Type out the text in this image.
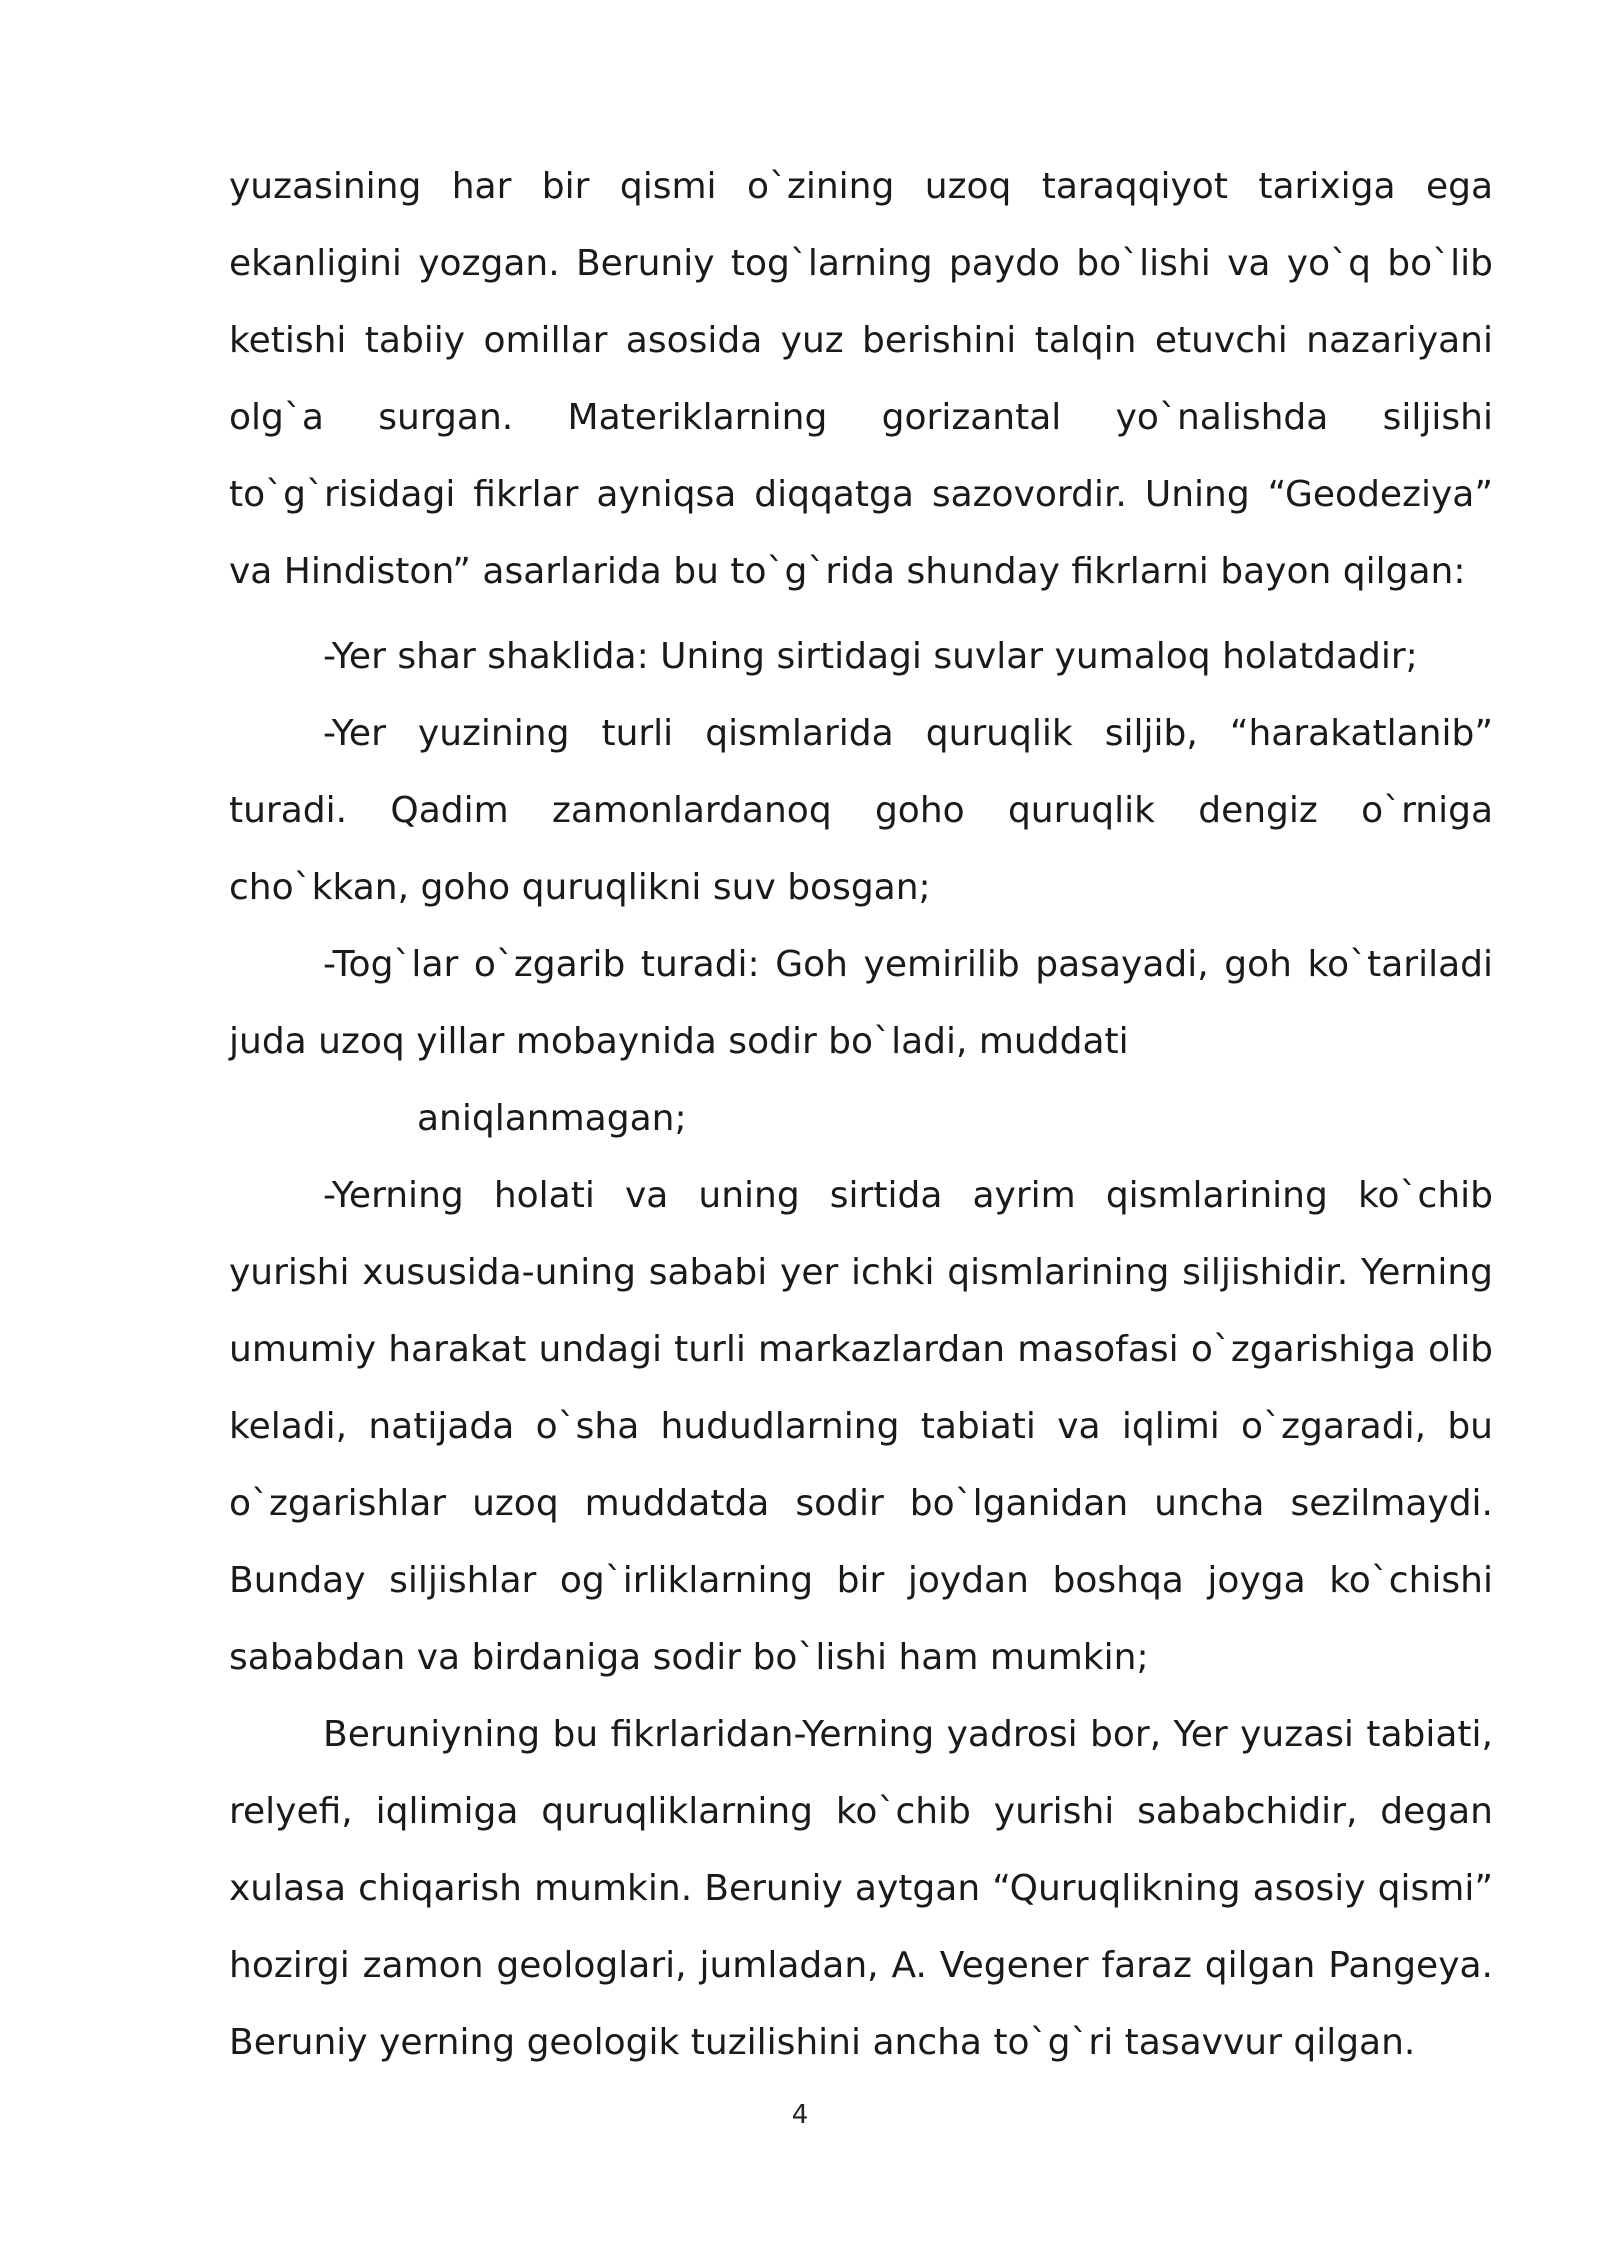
yuzasining har bir qismi o`zining uzoq taraqqiyot tarixiga ega ekanligini yozgan. Beruniy tog`larning paydo bo`lishi va yo`q bo`lib ketishi tabiiy omillar asosida yuz berishini talqin etuvchi nazariyani olg`a surgan. Materiklarning gorizantal yo`nalishda siljishi to`g`risidagi fikrlar ayniqsa diqqatga sazovordir. Uning “Geodeziya” va Hindiston” asarlarida bu to`g`rida shunday fikrlarni bayon qilgan:

-Yer shar shaklida: Uning sirtidagi suvlar yumaloq holatdadir;

-Yer yuzining turli qismlarida quruqlik siljib, “harakatlanib” turadi. Qadim zamonlardanoq goho quruqlik dengiz o`rniga cho`kkan, goho quruqlikni suv bosgan;

-Tog`lar o`zgarib turadi: Goh yemirilib pasayadi, goh ko`tariladi juda uzoq yillar mobaynida sodir bo`ladi, muddati
aniqlanmagan;

-Yerning holati va uning sirtida ayrim qismlarining ko`chib yurishi xususida-uning sababi yer ichki qismlarining siljishidir. Yerning umumiy harakat undagi turli markazlardan masofasi o`zgarishiga olib keladi, natijada o`sha hududlarning tabiati va iqlimi o`zgaradi, bu o`zgarishlar uzoq muddatda sodir bo`lganidan uncha sezilmaydi. Bunday siljishlar og`irliklarning bir joydan boshqa joyga ko`chishi sababdan va birdaniga sodir bo`lishi ham mumkin;

Beruniyning bu fikrlaridan-Yerning yadrosi bor, Yer yuzasi tabiati, relyefi, iqlimiga quruqliklarning ko`chib yurishi sababchidir, degan xulasa chiqarish mumkin. Beruniy aytgan “Quruqlikning asosiy qismi” hozirgi zamon geologlari, jumladan, A. Vegener faraz qilgan Pangeya. Beruniy yerning geologik tuzilishini ancha to`g`ri tasavvur qilgan.

4
